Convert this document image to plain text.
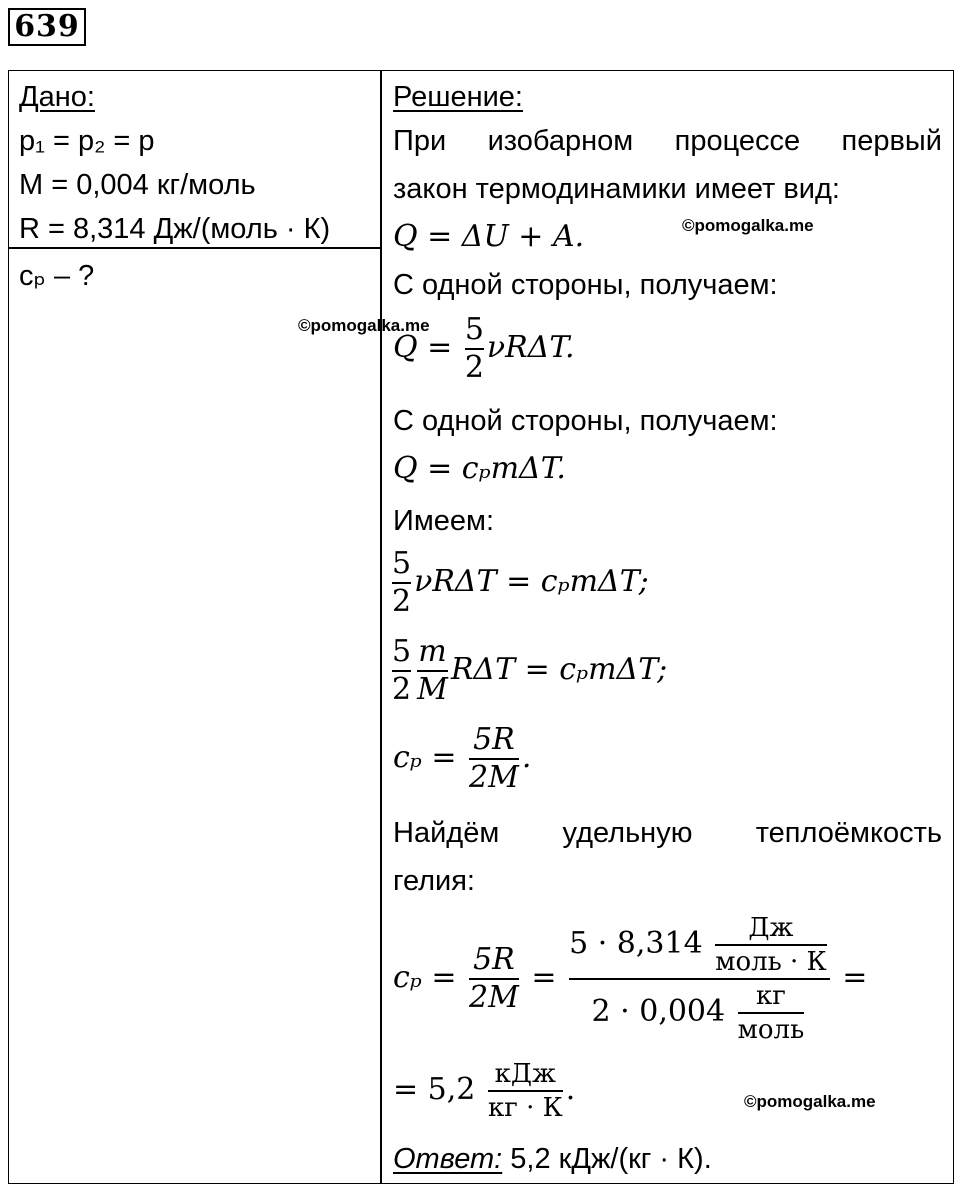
639
Дано:
p₁ = p₂ = p
M = 0,004 кг/моль
R = 8,314 Дж/(моль · К)
cₚ – ?
Решение:
При изобарном процессе первый
закон термодинамики имеет вид:
Q = ΔU + A.
С одной стороны, получаем:
$Q = \frac{5}{2} \nu R\Delta T$.
С одной стороны, получаем:
Q = cₚmΔT.
Имеем:
$\frac{5}{2}$ νRΔT = cₚmΔT;
$\frac{5}{2} \frac{m}{M}$ RΔT = cₚmΔT;
$c_p = \frac{5R}{2M}$ .
Найдём удельную теплоёмкость
гелия:
$c_p = \frac{5R}{2M} = \frac{5 \cdot 8,314 \frac{Дж}{\text{моль · К}}}{2 \cdot 0,004 \frac{кг}{\text{моль}}}$ =
= $5,2 \frac{\text{кДж}}{кг \cdot К}$ .
Ответ: 5,2 кДж/(кг · К).
©pomogalka.me
©pomogalka.me
©pomogalka.me
